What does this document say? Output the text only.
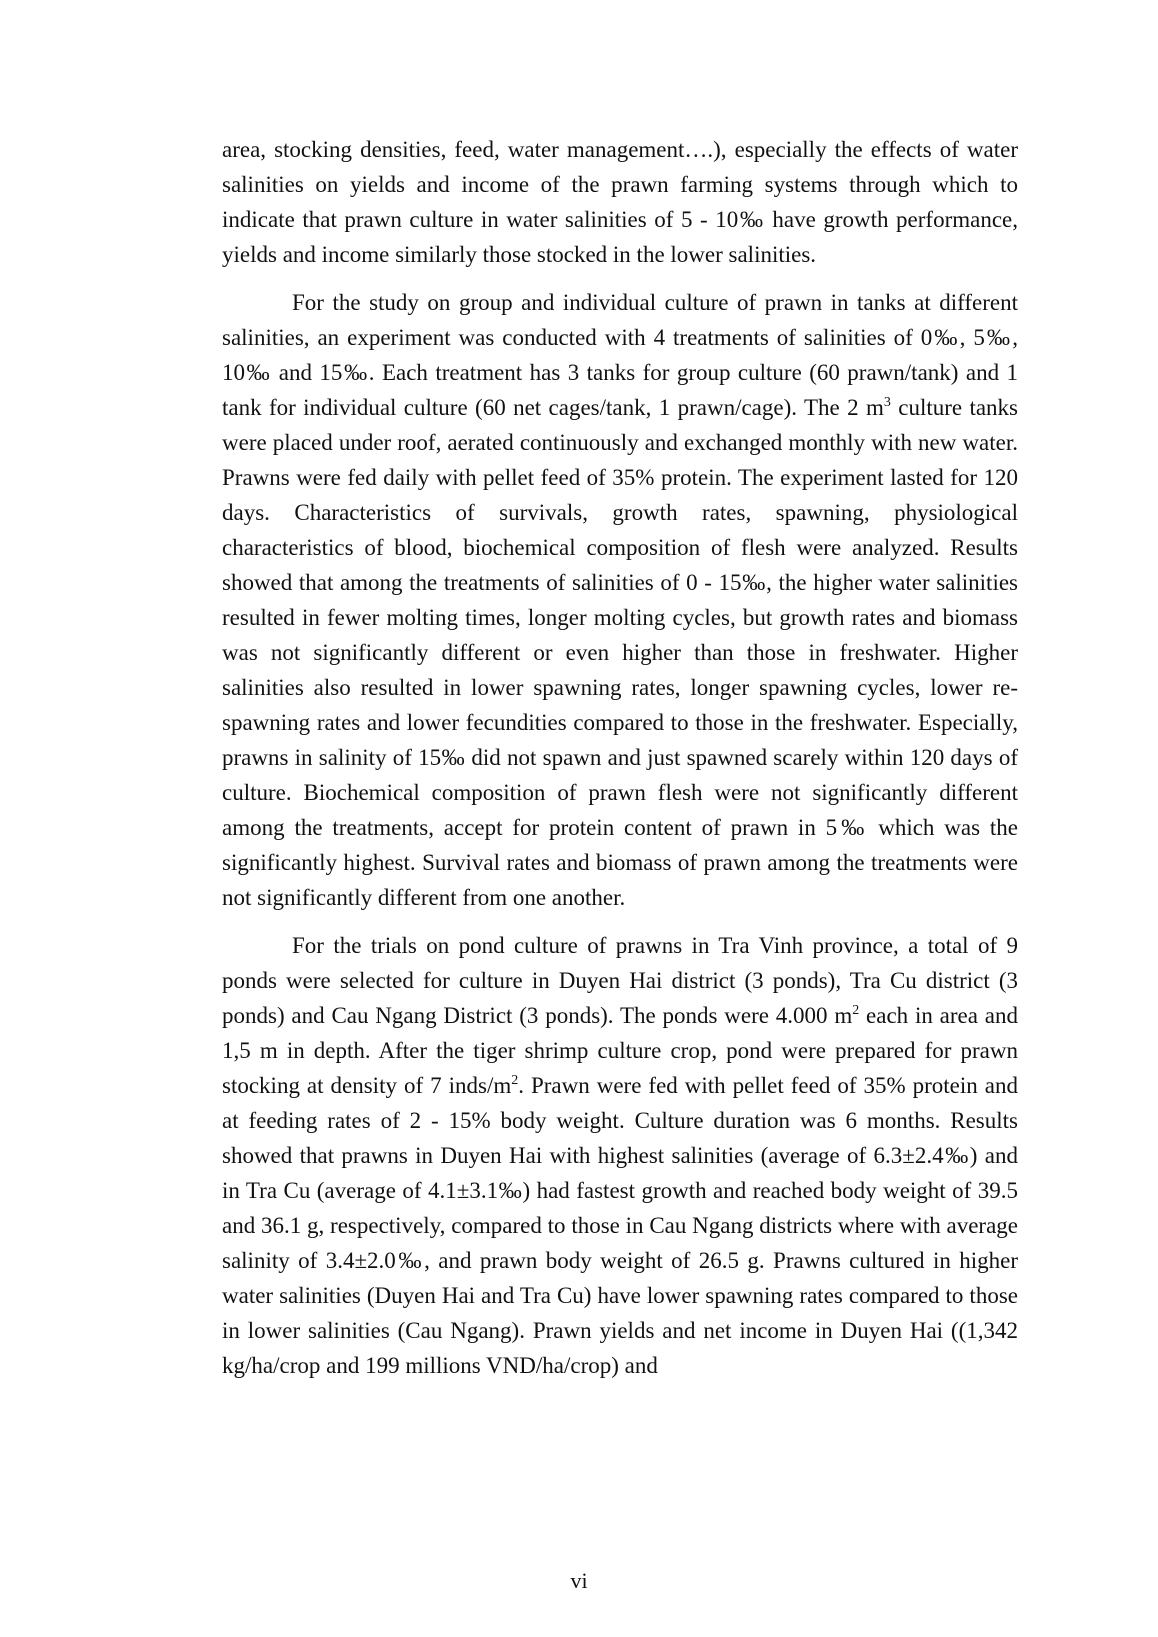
area, stocking densities, feed, water management….), especially the effects of water salinities on yields and income of the prawn farming systems through which to indicate that prawn culture in water salinities of 5 - 10‰ have growth performance, yields and income similarly those stocked in the lower salinities.

For the study on group and individual culture of prawn in tanks at different salinities, an experiment was conducted with 4 treatments of salinities of 0‰, 5‰, 10‰ and 15‰. Each treatment has 3 tanks for group culture (60 prawn/tank) and 1 tank for individual culture (60 net cages/tank, 1 prawn/cage). The 2 $m^3$ culture tanks were placed under roof, aerated continuously and exchanged monthly with new water. Prawns were fed daily with pellet feed of 35% protein. The experiment lasted for 120 days. Characteristics of survivals, growth rates, spawning, physiological characteristics of blood, biochemical composition of flesh were analyzed. Results showed that among the treatments of salinities of 0 - 15‰, the higher water salinities resulted in fewer molting times, longer molting cycles, but growth rates and biomass was not significantly different or even higher than those in freshwater. Higher salinities also resulted in lower spawning rates, longer spawning cycles, lower re-spawning rates and lower fecundities compared to those in the freshwater. Especially, prawns in salinity of 15‰ did not spawn and just spawned scarely within 120 days of culture. Biochemical composition of prawn flesh were not significantly different among the treatments, accept for protein content of prawn in 5‰ which was the significantly highest. Survival rates and biomass of prawn among the treatments were not significantly different from one another.

For the trials on pond culture of prawns in Tra Vinh province, a total of 9 ponds were selected for culture in Duyen Hai district (3 ponds), Tra Cu district (3 ponds) and Cau Ngang District (3 ponds). The ponds were 4.000 $m^2$ each in area and 1,5 m in depth. After the tiger shrimp culture crop, pond were prepared for prawn stocking at density of 7 inds/$m^2$. Prawn were fed with pellet feed of 35% protein and at feeding rates of 2 - 15% body weight. Culture duration was 6 months. Results showed that prawns in Duyen Hai with highest salinities (average of 6.3±2.4‰) and in Tra Cu (average of 4.1±3.1‰) had fastest growth and reached body weight of 39.5 and 36.1 g, respectively, compared to those in Cau Ngang districts where with average salinity of 3.4±2.0‰, and prawn body weight of 26.5 g. Prawns cultured in higher water salinities (Duyen Hai and Tra Cu) have lower spawning rates compared to those in lower salinities (Cau Ngang). Prawn yields and net income in Duyen Hai ((1,342 kg/ha/crop and 199 millions VND/ha/crop) and

vi
